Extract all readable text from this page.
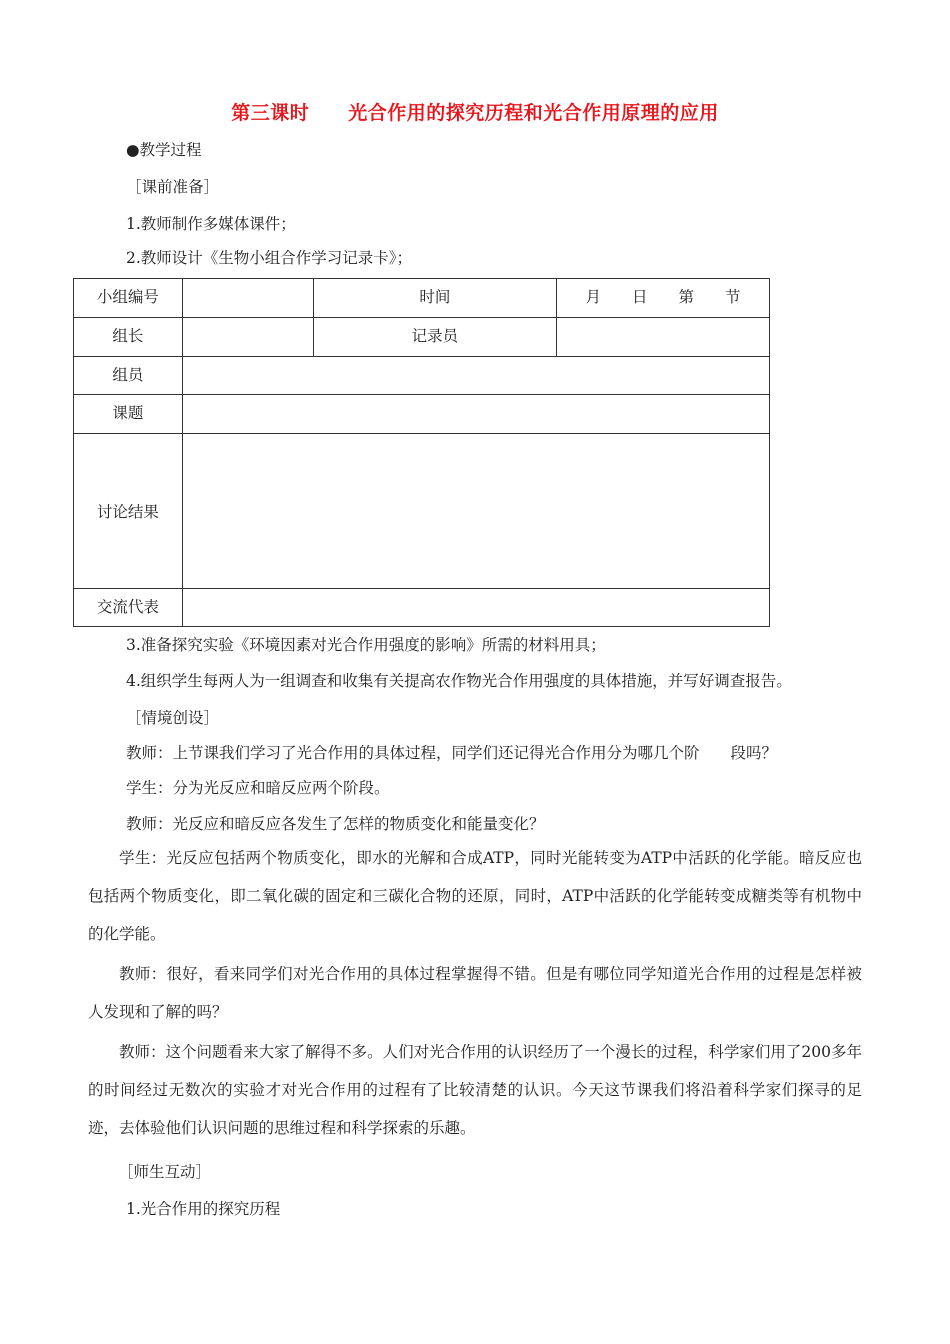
第三课时　　光合作用的探究历程和光合作用原理的应用
●教学过程
［课前准备］
1.教师制作多媒体课件；
2.教师设计《生物小组合作学习记录卡》；
小组编号		时间	月　　日　　第　　节
组长		记录员	
组员			
课题			
讨论结果			
交流代表			
3.准备探究实验《环境因素对光合作用强度的影响》所需的材料用具；
4.组织学生每两人为一组调查和收集有关提高农作物光合作用强度的具体措施，并写好调查报告。
［情境创设］
教师：上节课我们学习了光合作用的具体过程，同学们还记得光合作用分为哪几个阶　　段吗？
学生：分为光反应和暗反应两个阶段。
教师：光反应和暗反应各发生了怎样的物质变化和能量变化？
学生：光反应包括两个物质变化，即水的光解和合成ATP，同时光能转变为ATP中活跃的化学能。暗反应也包括两个物质变化，即二氧化碳的固定和三碳化合物的还原，同时，ATP中活跃的化学能转变成糖类等有机物中的化学能。
教师：很好，看来同学们对光合作用的具体过程掌握得不错。但是有哪位同学知道光合作用的过程是怎样被人发现和了解的吗？
教师：这个问题看来大家了解得不多。人们对光合作用的认识经历了一个漫长的过程，科学家们用了200多年的时间经过无数次的实验才对光合作用的过程有了比较清楚的认识。今天这节课我们将沿着科学家们探寻的足迹，去体验他们认识问题的思维过程和科学探索的乐趣。
［师生互动］
1.光合作用的探究历程
